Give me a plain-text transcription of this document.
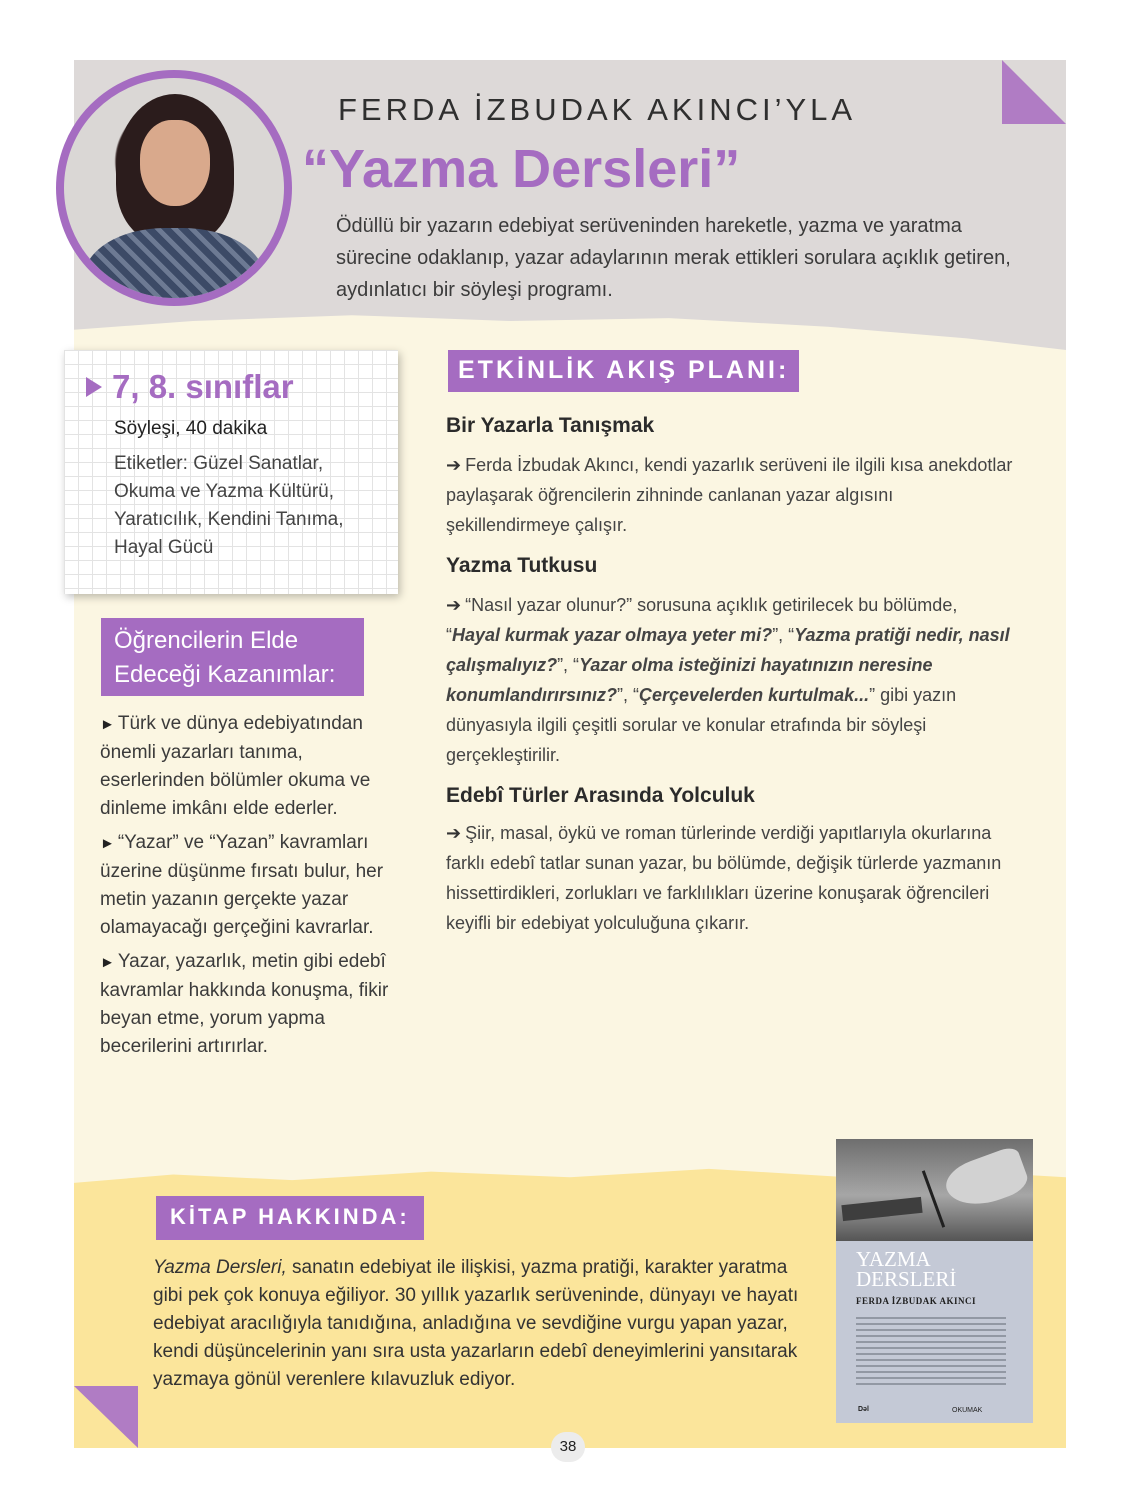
FERDA İZBUDAK AKINCI’YLA
“Yazma Dersleri”

Ödüllü bir yazarın edebiyat serüveninden hareketle, yazma ve yaratma sürecine odaklanıp, yazar adaylarının merak ettikleri sorulara açıklık getiren, aydınlatıcı bir söyleşi programı.

7, 8. sınıflar
Söyleşi, 40 dakika

Etiketler: Güzel Sanatlar, Okuma ve Yazma Kültürü, Yaratıcılık, Kendini Tanıma, Hayal Gücü

Öğrencilerin Elde Edeceği Kazanımlar:
► Türk ve dünya edebiyatından önemli yazarları tanıma, eserlerinden bölümler okuma ve dinleme imkânı elde ederler.
► “Yazar” ve “Yazan” kavramları üzerine düşünme fırsatı bulur, her metin yazanın gerçekte yazar olamayacağı gerçeğini kavrarlar.
► Yazar, yazarlık, metin gibi edebî kavramlar hakkında konuşma, fikir beyan etme, yorum yapma becerilerini artırırlar.
ETKİNLİK AKIŞ PLANI:
Bir Yazarla Tanışmak

➔ Ferda İzbudak Akıncı, kendi yazarlık serüveni ile ilgili kısa anekdotlar paylaşarak öğrencilerin zihninde canlanan yazar algısını şekillendirmeye çalışır.

Yazma Tutkusu

➔ “Nasıl yazar olunur?” sorusuna açıklık getirilecek bu bölümde, “Hayal kurmak yazar olmaya yeter mi?”, “Yazma pratiği nedir, nasıl çalışmalıyız?”, “Yazar olma isteğinizi hayatınızın neresine konumlandırırsınız?”, “Çerçevelerden kurtulmak...” gibi yazın dünyasıyla ilgili çeşitli sorular ve konular etrafında bir söyleşi gerçekleştirilir.

Edebî Türler Arasında Yolculuk

➔ Şiir, masal, öykü ve roman türlerinde verdiği yapıtlarıyla okurlarına farklı edebî tatlar sunan yazar, bu bölümde, değişik türlerde yazmanın hissettirdikleri, zorlukları ve farklılıkları üzerine konuşarak öğrencileri keyifli bir edebiyat yolculuğuna çıkarır.

KİTAP HAKKINDA:

Yazma Dersleri, sanatın edebiyat ile ilişkisi, yazma pratiği, karakter yaratma gibi pek çok konuya eğiliyor. 30 yıllık yazarlık serüveninde, dünyayı ve hayatı edebiyat aracılığıyla tanıdığına, anladığına ve sevdiğine vurgu yapan yazar, kendi düşüncelerinin yanı sıra usta yazarların edebî deneyimlerini yansıtarak yazmaya gönül verenlere kılavuzluk ediyor.

YAZMA
DERSLERİ
FERDA İZBUDAK AKINCI
Dəl	OKUMAK
38
